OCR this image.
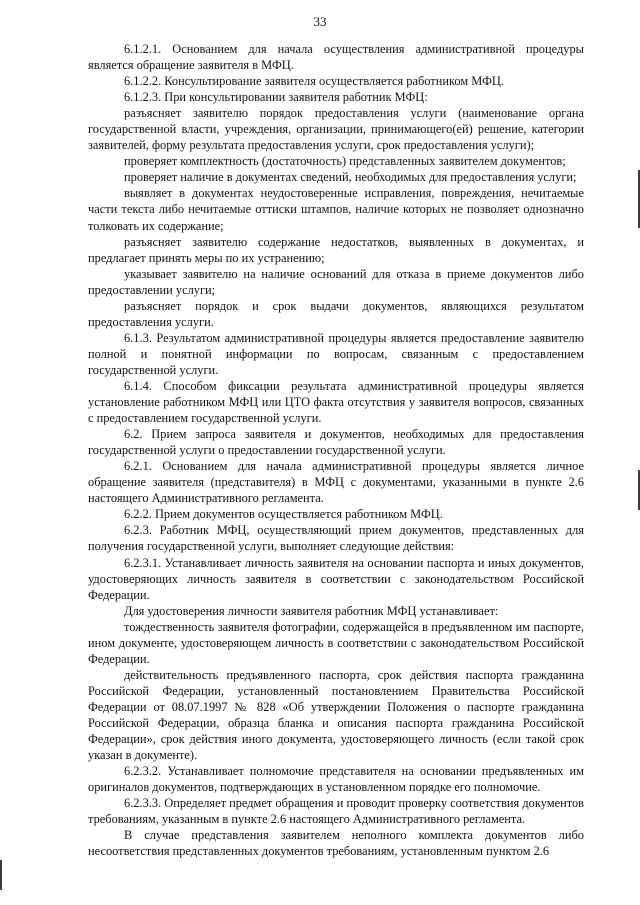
33

6.1.2.1. Основанием для начала осуществления административной процедуры является обращение заявителя в МФЦ.

6.1.2.2. Консультирование заявителя осуществляется работником МФЦ.

6.1.2.3. При консультировании заявителя работник МФЦ:

разъясняет заявителю порядок предоставления услуги (наименование органа государственной власти, учреждения, организации, принимающего(ей) решение, категории заявителей, форму результата предоставления услуги, срок предоставления услуги);

проверяет комплектность (достаточность) представленных заявителем документов;

проверяет наличие в документах сведений, необходимых для предоставления услуги;

выявляет в документах неудостоверенные исправления, повреждения, нечитаемые части текста либо нечитаемые оттиски штампов, наличие которых не позволяет однозначно толковать их содержание;

разъясняет заявителю содержание недостатков, выявленных в документах, и предлагает принять меры по их устранению;

указывает заявителю на наличие оснований для отказа в приеме документов либо предоставлении услуги;

разъясняет порядок и срок выдачи документов, являющихся результатом предоставления услуги.

6.1.3. Результатом административной процедуры является предоставление заявителю полной и понятной информации по вопросам, связанным с предоставлением государственной услуги.

6.1.4. Способом фиксации результата административной процедуры является установление работником МФЦ или ЦТО факта отсутствия у заявителя вопросов, связанных с предоставлением государственной услуги.

6.2. Прием запроса заявителя и документов, необходимых для предоставления государственной услуги о предоставлении государственной услуги.

6.2.1. Основанием для начала административной процедуры является личное обращение заявителя (представителя) в МФЦ с документами, указанными в пункте 2.6 настоящего Административного регламента.

6.2.2. Прием документов осуществляется работником МФЦ.

6.2.3. Работник МФЦ, осуществляющий прием документов, представленных для получения государственной услуги, выполняет следующие действия:

6.2.3.1. Устанавливает личность заявителя на основании паспорта и иных документов, удостоверяющих личность заявителя в соответствии с законодательством Российской Федерации.

Для удостоверения личности заявителя работник МФЦ устанавливает:

тождественность заявителя фотографии, содержащейся в предъявленном им паспорте, ином документе, удостоверяющем личность в соответствии с законодательством Российской Федерации.

действительность предъявленного паспорта, срок действия паспорта гражданина Российской Федерации, установленный постановлением Правительства Российской Федерации от 08.07.1997 № 828 «Об утверждении Положения о паспорте гражданина Российской Федерации, образца бланка и описания паспорта гражданина Российской Федерации», срок действия иного документа, удостоверяющего личность (если такой срок указан в документе).

6.2.3.2. Устанавливает полномочие представителя на основании предъявленных им оригиналов документов, подтверждающих в установленном порядке его полномочие.

6.2.3.3. Определяет предмет обращения и проводит проверку соответствия документов требованиям, указанным в пункте 2.6 настоящего Административного регламента.

В случае представления заявителем неполного комплекта документов либо несоответствия представленных документов требованиям, установленным пунктом 2.6
